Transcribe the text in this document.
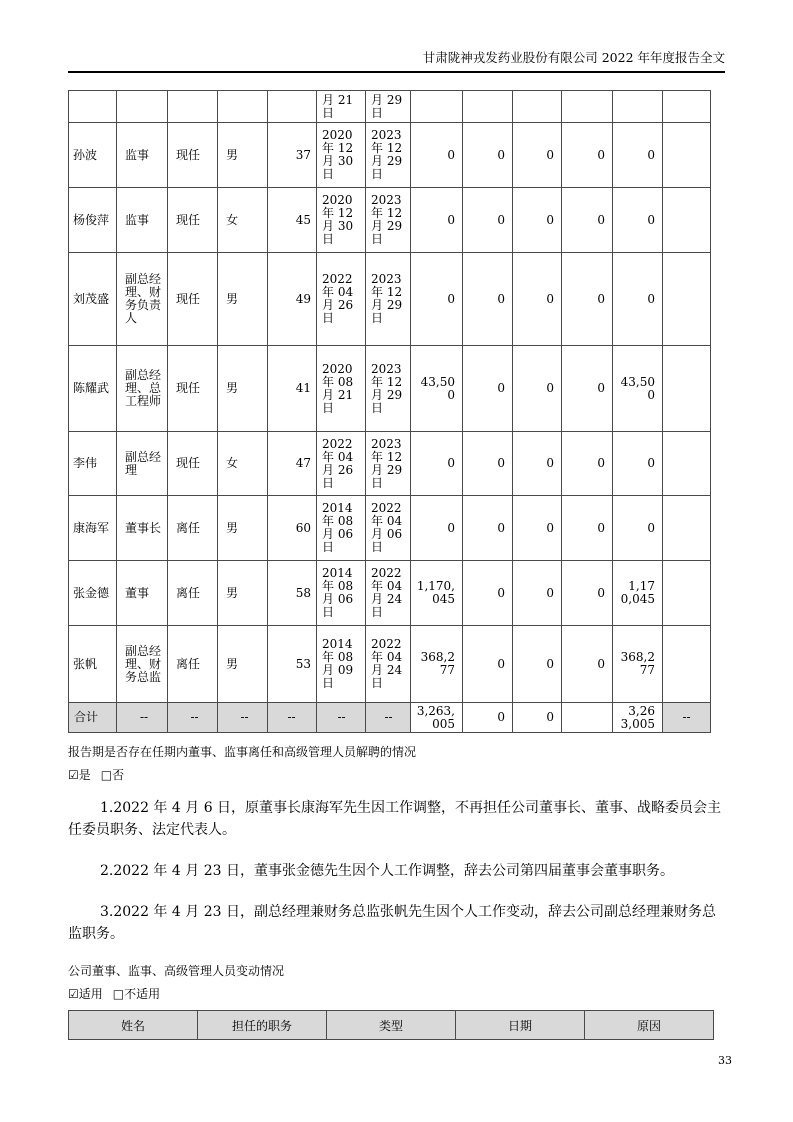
甘肃陇神戎发药业股份有限公司 2022 年年度报告全文
					月 21 日	月 29 日						
孙波	监事	现任	男	37	2020 年 12 月 30 日	2023 年 12 月 29 日	0	0	0	0	0	
杨俊萍	监事	现任	女	45	2020 年 12 月 30 日	2023 年 12 月 29 日	0	0	0	0	0	
刘茂盛	副总经理、财务负责人	现任	男	49	2022 年 04 月 26 日	2023 年 12 月 29 日	0	0	0	0	0	
陈耀武	副总经理、总工程师	现任	男	41	2020 年 08 月 21 日	2023 年 12 月 29 日	43,500	0	0	0	43,500	
李伟	副总经理	现任	女	47	2022 年 04 月 26 日	2023 年 12 月 29 日	0	0	0	0	0	
康海军	董事长	离任	男	60	2014 年 08 月 06 日	2022 年 04 月 06 日	0	0	0	0	0	
张金德	董事	离任	男	58	2014 年 08 月 06 日	2022 年 04 月 24 日	1,170,045	0	0	0	1,170,045	
张帆	副总经理、财务总监	离任	男	53	2014 年 08 月 09 日	2022 年 04 月 24 日	368,277	0	0	0	368,277	
合计	--	--	--	--	--	--	3,263,005	0	0		3,263,005	--
报告期是否存在任期内董事、监事离任和高级管理人员解聘的情况
☑是 □否

1.2022 年 4 月 6 日，原董事长康海军先生因工作调整，不再担任公司董事长、董事、战略委员会主任委员职务、法定代表人。

2.2022 年 4 月 23 日，董事张金德先生因个人工作调整，辞去公司第四届董事会董事职务。

3.2022 年 4 月 23 日，副总经理兼财务总监张帆先生因个人工作变动，辞去公司副总经理兼财务总监职务。

公司董事、监事、高级管理人员变动情况
☑适用 □不适用
姓名	担任的职务	类型	日期	原因
33
